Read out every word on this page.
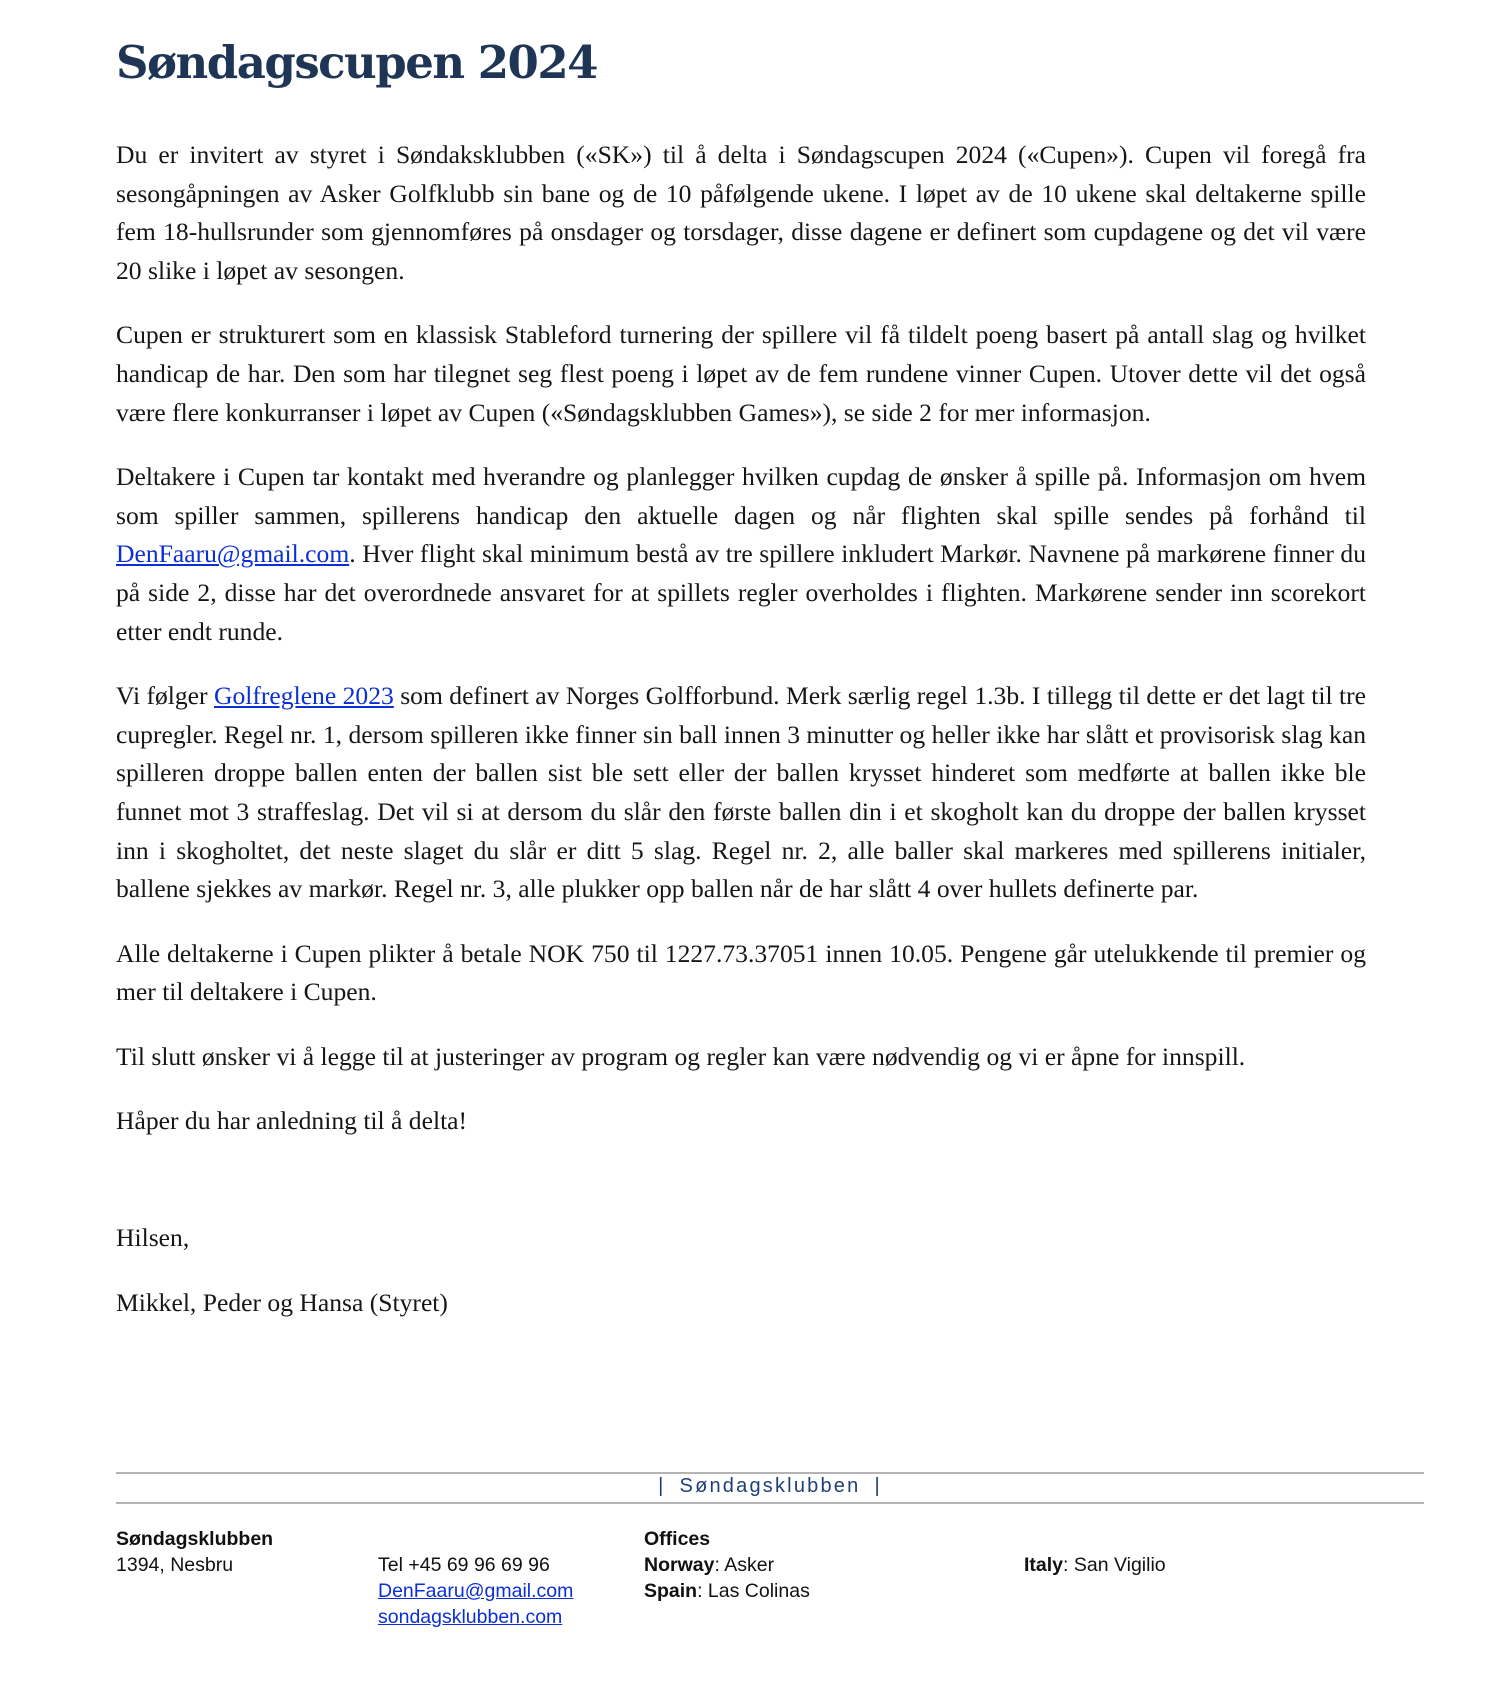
Søndagscupen 2024

Du er invitert av styret i Søndaksklubben («SK») til å delta i Søndagscupen 2024 («Cupen»). Cupen vil foregå fra sesongåpningen av Asker Golfklubb sin bane og de 10 påfølgende ukene. I løpet av de 10 ukene skal deltakerne spille fem 18-hullsrunder som gjennomføres på onsdager og torsdager, disse dagene er definert som cupdagene og det vil være 20 slike i løpet av sesongen.

Cupen er strukturert som en klassisk Stableford turnering der spillere vil få tildelt poeng basert på antall slag og hvilket handicap de har. Den som har tilegnet seg flest poeng i løpet av de fem rundene vinner Cupen. Utover dette vil det også være flere konkurranser i løpet av Cupen («Søndagsklubben Games»), se side 2 for mer informasjon.

Deltakere i Cupen tar kontakt med hverandre og planlegger hvilken cupdag de ønsker å spille på. Informasjon om hvem som spiller sammen, spillerens handicap den aktuelle dagen og når flighten skal spille sendes på forhånd til DenFaaru@gmail.com. Hver flight skal minimum bestå av tre spillere inkludert Markør. Navnene på markørene finner du på side 2, disse har det overordnede ansvaret for at spillets regler overholdes i flighten. Markørene sender inn scorekort etter endt runde.

Vi følger Golfreglene 2023 som definert av Norges Golfforbund. Merk særlig regel 1.3b. I tillegg til dette er det lagt til tre cupregler. Regel nr. 1, dersom spilleren ikke finner sin ball innen 3 minutter og heller ikke har slått et provisorisk slag kan spilleren droppe ballen enten der ballen sist ble sett eller der ballen krysset hinderet som medførte at ballen ikke ble funnet mot 3 straffeslag. Det vil si at dersom du slår den første ballen din i et skogholt kan du droppe der ballen krysset inn i skogholtet, det neste slaget du slår er ditt 5 slag. Regel nr. 2, alle baller skal markeres med spillerens initialer, ballene sjekkes av markør. Regel nr. 3, alle plukker opp ballen når de har slått 4 over hullets definerte par.

Alle deltakerne i Cupen plikter å betale NOK 750 til 1227.73.37051 innen 10.05. Pengene går utelukkende til premier og mer til deltakere i Cupen.

Til slutt ønsker vi å legge til at justeringer av program og regler kan være nødvendig og vi er åpne for innspill.

Håper du har anledning til å delta!

Hilsen,

Mikkel, Peder og Hansa (Styret)

| Søndagsklubben |
Søndagsklubben
1394, Nesbru	Tel +45 69 96 69 96
DenFaaru@gmail.com
sondagsklubben.com
Offices
Norway: Asker
Spain: Las Colinas
Italy: San Vigilio
